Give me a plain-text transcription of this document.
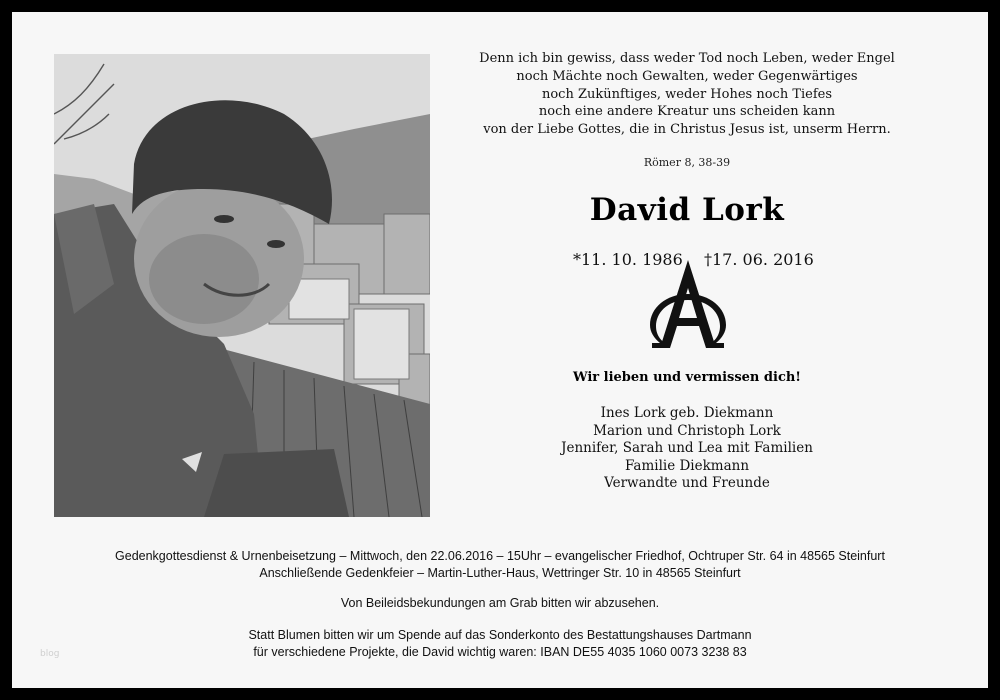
Denn ich bin gewiss, dass weder Tod noch Leben, weder Engel
noch Mächte noch Gewalten, weder Gegenwärtiges
noch Zukünftiges, weder Hohes noch Tiefes
noch eine andere Kreatur uns scheiden kann
von der Liebe Gottes, die in Christus Jesus ist, unserm Herrn.
Römer 8, 38-39
David Lork
*11. 10. 1986 †17. 06. 2016
Wir lieben und vermissen dich!
Ines Lork geb. Diekmann
Marion und Christoph Lork
Jennifer, Sarah und Lea mit Familien
Familie Diekmann
Verwandte und Freunde
Gedenkgottesdienst & Urnenbeisetzung – Mittwoch, den 22.06.2016 – 15Uhr – evangelischer Friedhof, Ochtruper Str. 64 in 48565 Steinfurt
Anschließende Gedenkfeier – Martin-Luther-Haus, Wettringer Str. 10 in 48565 Steinfurt
Von Beileidsbekundungen am Grab bitten wir abzusehen.
Statt Blumen bitten wir um Spende auf das Sonderkonto des Bestattungshauses Dartmann
für verschiedene Projekte, die David wichtig waren: IBAN DE55 4035 1060 0073 3238 83
blog
